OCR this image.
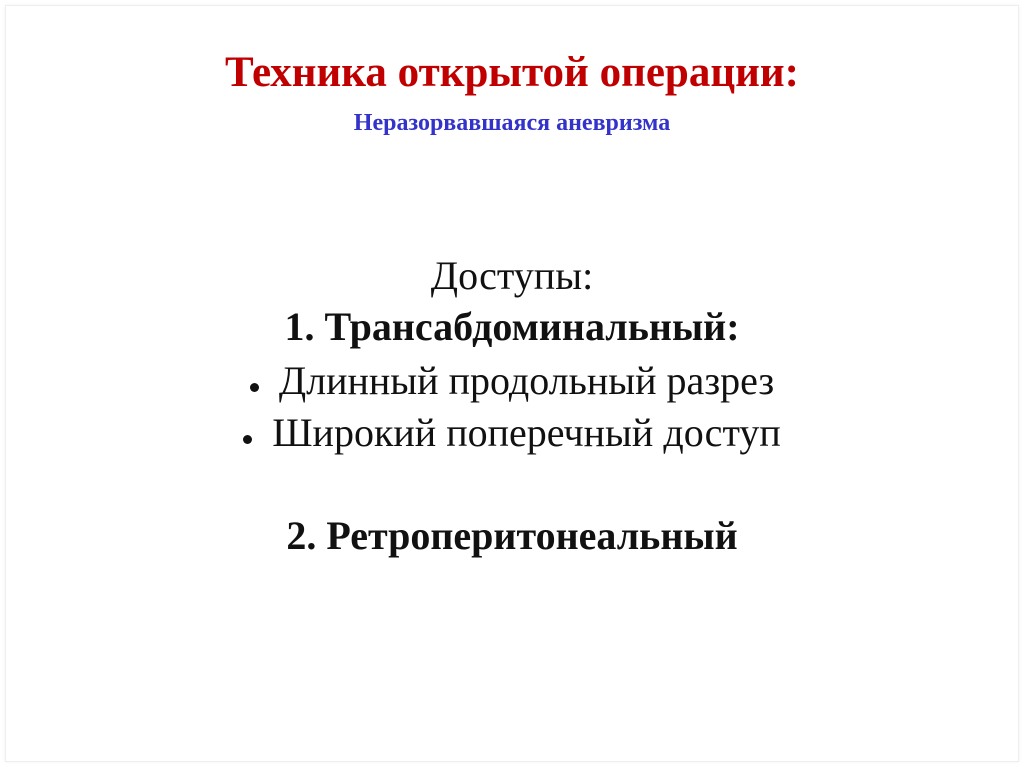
Техника открытой операции:
Неразорвавшаяся аневризма

Доступы:

1. Трансабдоминальный:

Длинный продольный разрез

Широкий поперечный доступ

2. Ретроперитонеальный
